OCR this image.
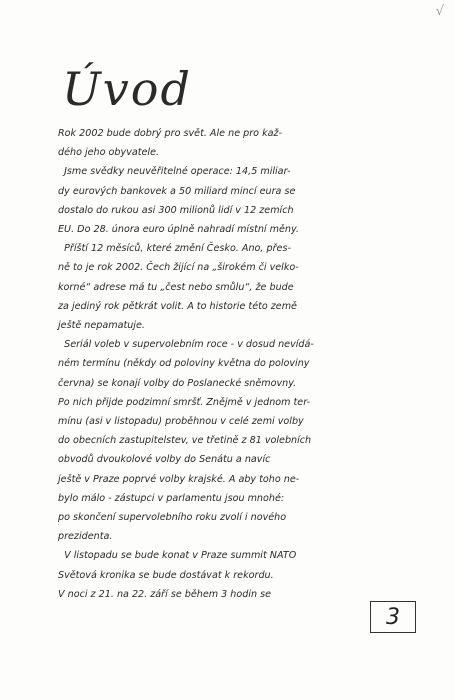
√
Úvod

Rok 2002 bude dobrý pro svět. Ale ne pro kaž-
dého jeho obyvatele.
Jsme svědky neuvěřitelné operace: 14,5 miliar-
dy eurových bankovek a 50 miliard mincí eura se
dostalo do rukou asi 300 milionů lidí v 12 zemích
EU. Do 28. února euro úplně nahradí místní měny.
Příští 12 měsíců, které změní Česko. Ano, přes-
ně to je rok 2002. Čech žijící na „širokém či velko-
korné“ adrese má tu „čest nebo smůlu“, že bude
za jediný rok pětkrát volit. A to historie této země
ještě nepamatuje.
Seriál voleb v supervolebním roce - v dosud nevídá-
ném termínu (někdy od poloviny května do poloviny
června) se konají volby do Poslanecké sněmovny.
Po nich přijde podzimní smršť. Znějmě v jednom ter-
mínu (asi v listopadu) proběhnou v celé zemi volby
do obecních zastupitelstev, ve třetině z 81 volebních
obvodů dvoukolové volby do Senátu a navíc
ještě v Praze poprvé volby krajské. A aby toho ne-
bylo málo - zástupci v parlamentu jsou mnohé:
po skončení supervolebního roku zvolí i nového
prezidenta.
V listopadu se bude konat v Praze summit NATO
Světová kronika se bude dostávat k rekordu.
V noci z 21. na 22. září se během 3 hodin se

3
